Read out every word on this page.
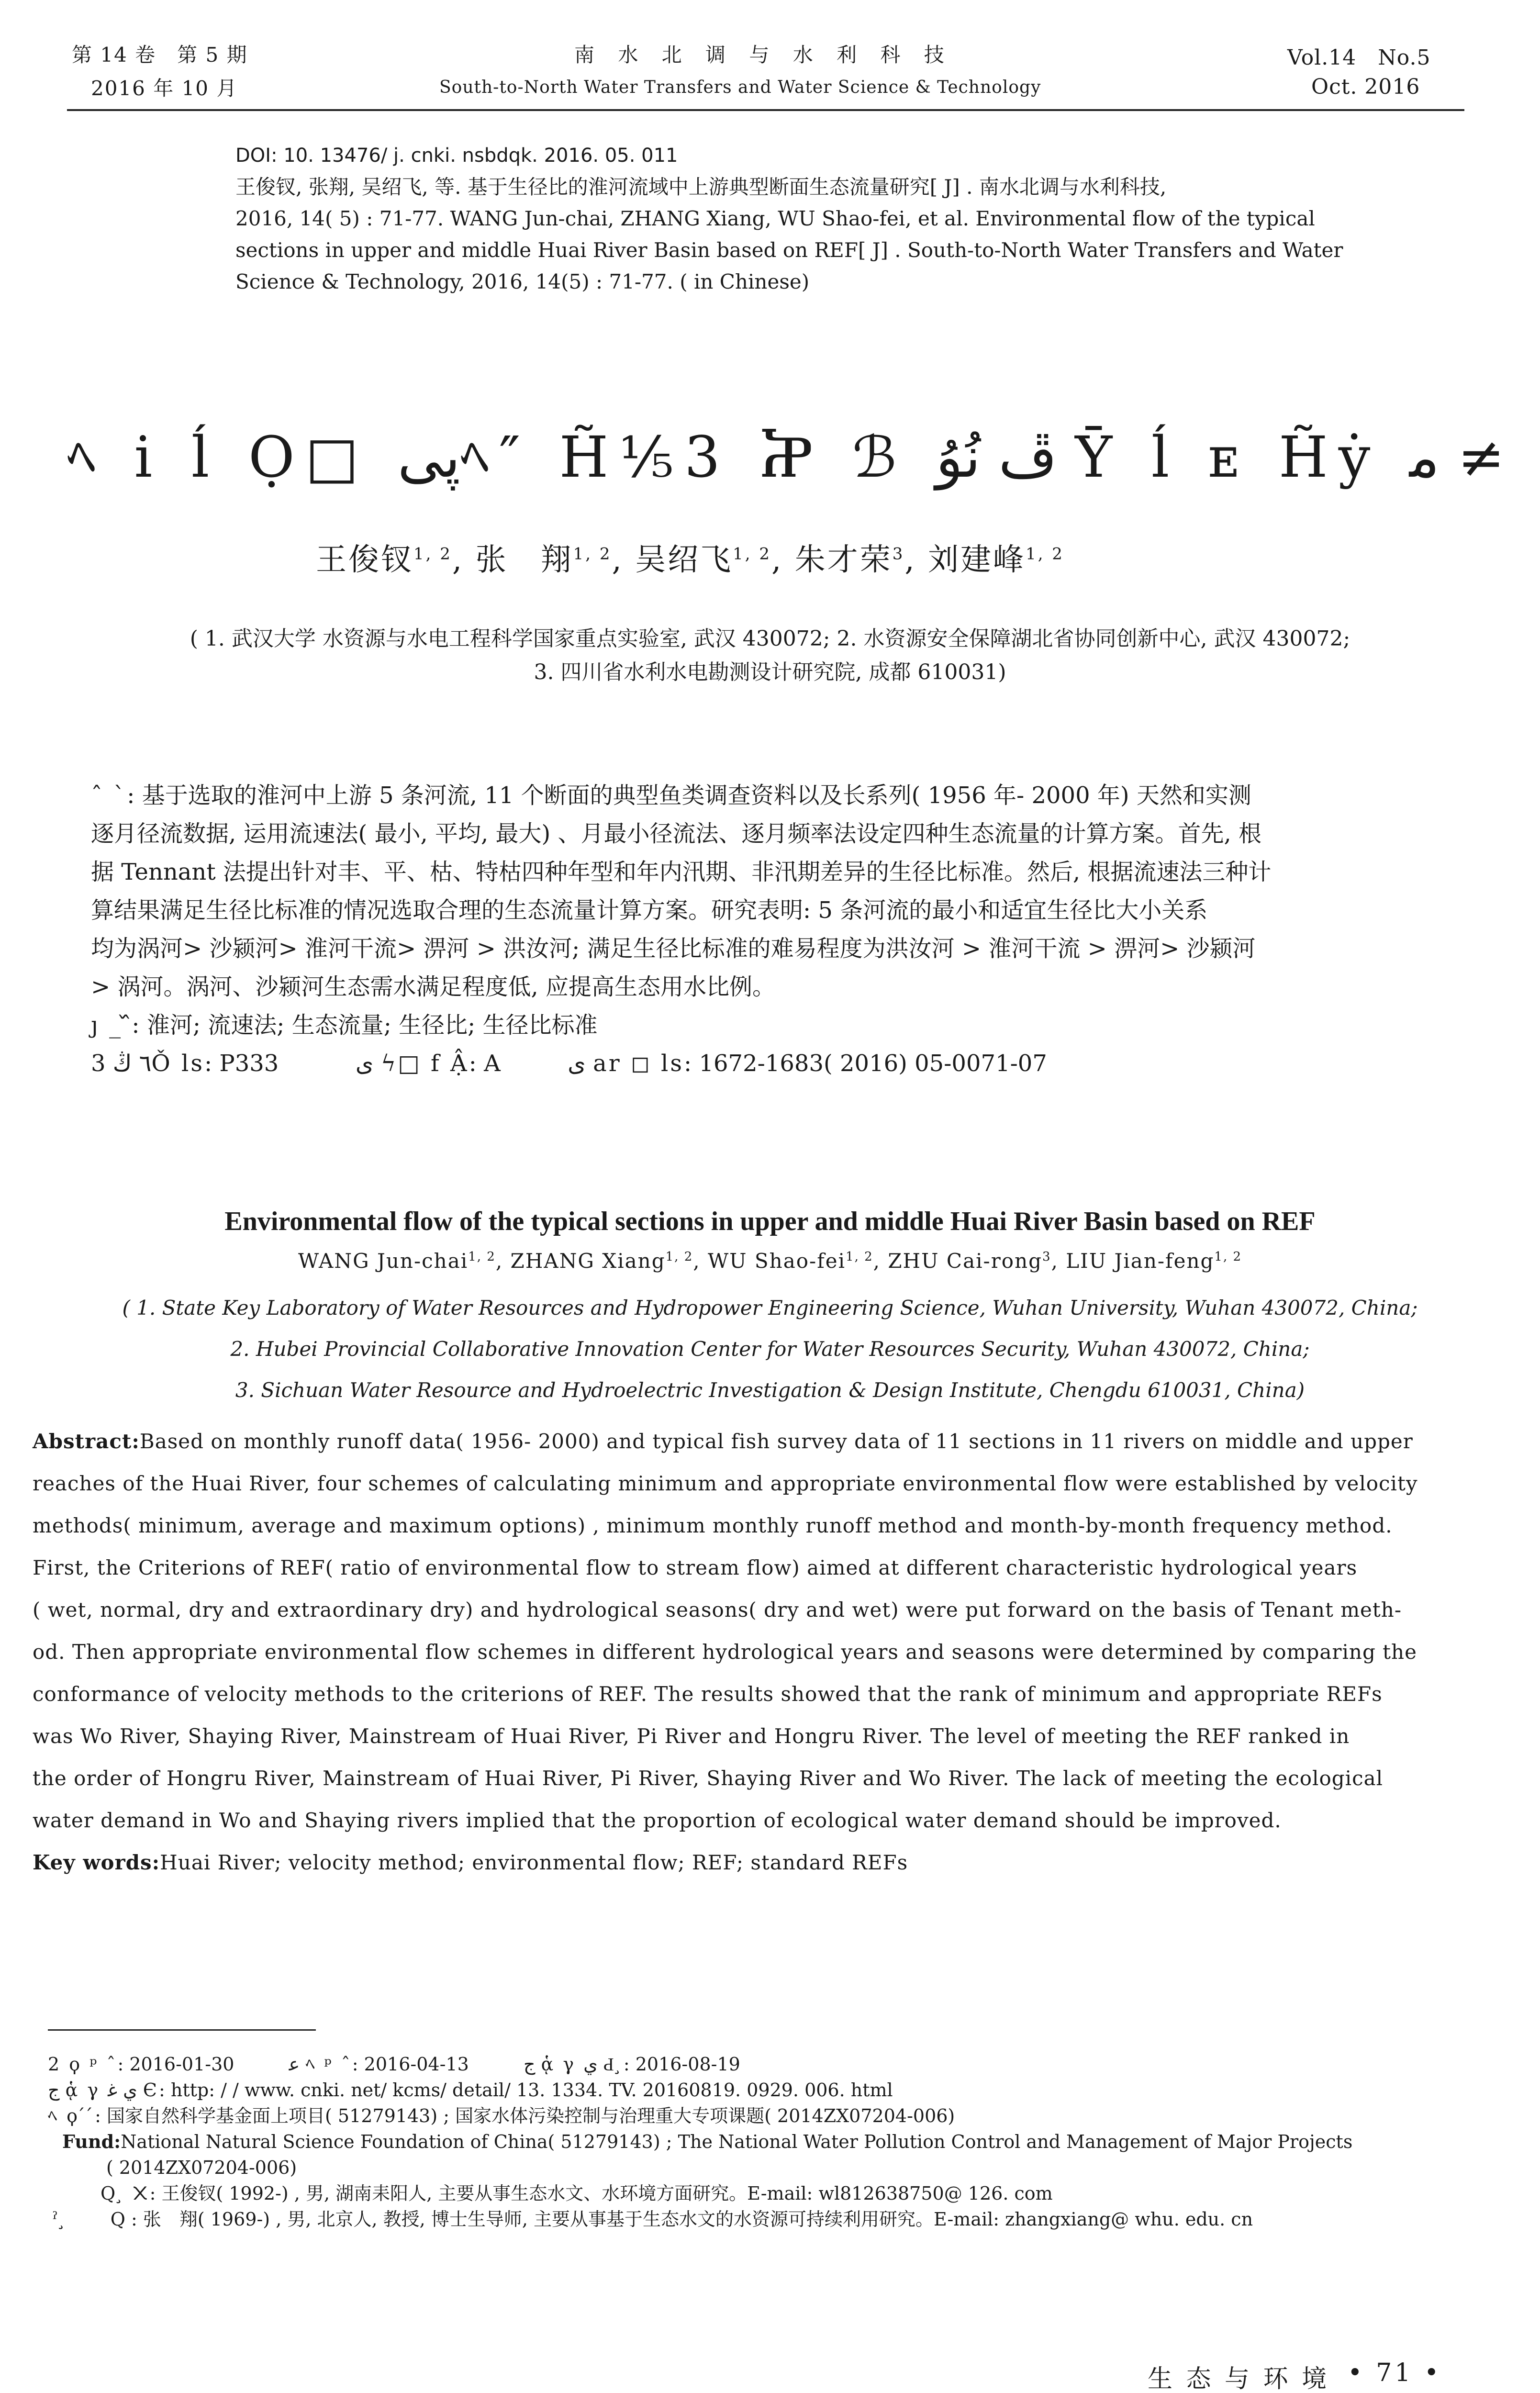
第 14 卷　第 5 期
2016 年 10 月
南 水 北 调 与 水 利 科 技
South-to-North Water Transfers and Water Science & Technology
Vol.14　No.5
Oct. 2016
DOI: 10. 13476/ j. cnki. nsbdqk. 2016. 05. 011
王俊钗, 张翔, 吴绍飞, 等. 基于生径比的淮河流域中上游典型断面生态流量研究[ J] . 南水北调与水利科技,
2016, 14( 5) : 71-77. WANG Jun-chai, ZHANG Xiang, WU Shao-fei, et al. Environmental flow of the typical
sections in upper and middle Huai River Basin based on REF[ J] . South-to-North Water Transfers and Water
Science & Technology, 2016, 14(5) : 71-77. ( in Chinese)
ﾍ i ĺ Ọ□ پیﾍ″ H̃⅕3 Ⴟ ℬ ڦ نُوُ Ȳ ĺ ᴇ H̃ẏ ﻣ ≠
王俊钗$^{1, 2}$, 张　翔$^{1, 2}$, 吴绍飞$^{1, 2}$, 朱才荣$^3$, 刘建峰$^{1, 2}$
( 1. 武汉大学 水资源与水电工程科学国家重点实验室, 武汉 430072; 2. 水资源安全保障湖北省协同创新中心, 武汉 430072;
3. 四川省水利水电勘测设计研究院, 成都 610031)
ˆ ˋ: 基于选取的淮河中上游 5 条河流, 11 个断面的典型鱼类调查资料以及长系列( 1956 年- 2000 年) 天然和实测
逐月径流数据, 运用流速法( 最小, 平均, 最大) 、月最小径流法、逐月频率法设定四种生态流量的计算方案。首先, 根
据 Tennant 法提出针对丰、平、枯、特枯四种年型和年内汛期、非汛期差异的生径比标准。然后, 根据流速法三种计
算结果满足生径比标准的情况选取合理的生态流量计算方案。研究表明: 5 条河流的最小和适宜生径比大小关系
均为涡河> 沙颍河> 淮河干流> 淠河 > 洪汝河; 满足生径比标准的难易程度为洪汝河 > 淮河干流 > 淠河> 沙颍河
> 涡河。涡河、沙颍河生态需水满足程度低, 应提高生态用水比例。
ȷ _ ᷈: 淮河; 流速法; 生态流量; 生径比; 生径比标准
3 ٦ ڭǑ ls: P333	ی ϟ□ f Ậ: A	ی ar ◻ ls: 1672-1683( 2016) 05-0071-07
Environmental flow of the typical sections in upper and middle Huai River Basin based on REF
WANG Jun-chai$^{1, 2}$, ZHANG Xiang$^{1, 2}$, WU Shao-fei$^{1, 2}$, ZHU Cai-rong$^3$, LIU Jian-feng$^{1, 2}$
( 1. State Key Laboratory of Water Resources and Hydropower Engineering Science, Wuhan University, Wuhan 430072, China;
2. Hubei Provincial Collaborative Innovation Center for Water Resources Security, Wuhan 430072, China;
3. Sichuan Water Resource and Hydroelectric Investigation & Design Institute, Chengdu 610031, China)
Abstract:Based on monthly runoff data( 1956- 2000) and typical fish survey data of 11 sections in 11 rivers on middle and upper
reaches of the Huai River, four schemes of calculating minimum and appropriate environmental flow were established by velocity
methods( minimum, average and maximum options) , minimum monthly runoff method and month-by-month frequency method.
First, the Criterions of REF( ratio of environmental flow to stream flow) aimed at different characteristic hydrological years
( wet, normal, dry and extraordinary dry) and hydrological seasons( dry and wet) were put forward on the basis of Tenant meth-
od. Then appropriate environmental flow schemes in different hydrological years and seasons were determined by comparing the
conformance of velocity methods to the criterions of REF. The results showed that the rank of minimum and appropriate REFs
was Wo River, Shaying River, Mainstream of Huai River, Pi River and Hongru River. The level of meeting the REF ranked in
the order of Hongru River, Mainstream of Huai River, Pi River, Shaying River and Wo River. The lack of meeting the ecological
water demand in Wo and Shaying rivers implied that the proportion of ecological water demand should be improved.
Key words:Huai River; velocity method; environmental flow; REF; standard REFs
2 ϙ ᵖ ˆ: 2016-01-30	ﻋ ﾍ ᵖ ˆ: 2016-04-13	ج ᾁ γ ي Ԁ ̧: 2016-08-19
ج ᾁ γ ي ﻏ Є: http: / / www. cnki. net/ kcms/ detail/ 13. 1334. TV. 20160819. 0929. 006. html
ﾍ ϙ ́ ́: 国家自然科学基金面上项目( 51279143) ; 国家水体污染控制与治理重大专项课题( 2014ZX07204-006)
Fund:National Natural Science Foundation of China( 51279143) ; The National Water Pollution Control and Management of Major Projects
( 2014ZX07204-006)
Q ̧ ᙭: 王俊钗( 1992-) , 男, 湖南耒阳人, 主要从事生态水文、水环境方面研究。E-mail: wl812638750@ 126. com
ˀ ̧ Q : 张　翔( 1969-) , 男, 北京人, 教授, 博士生导师, 主要从事基于生态水文的水资源可持续利用研究。E-mail: zhangxiang@ whu. edu. cn
生 态 与 环 境 • 71 •
